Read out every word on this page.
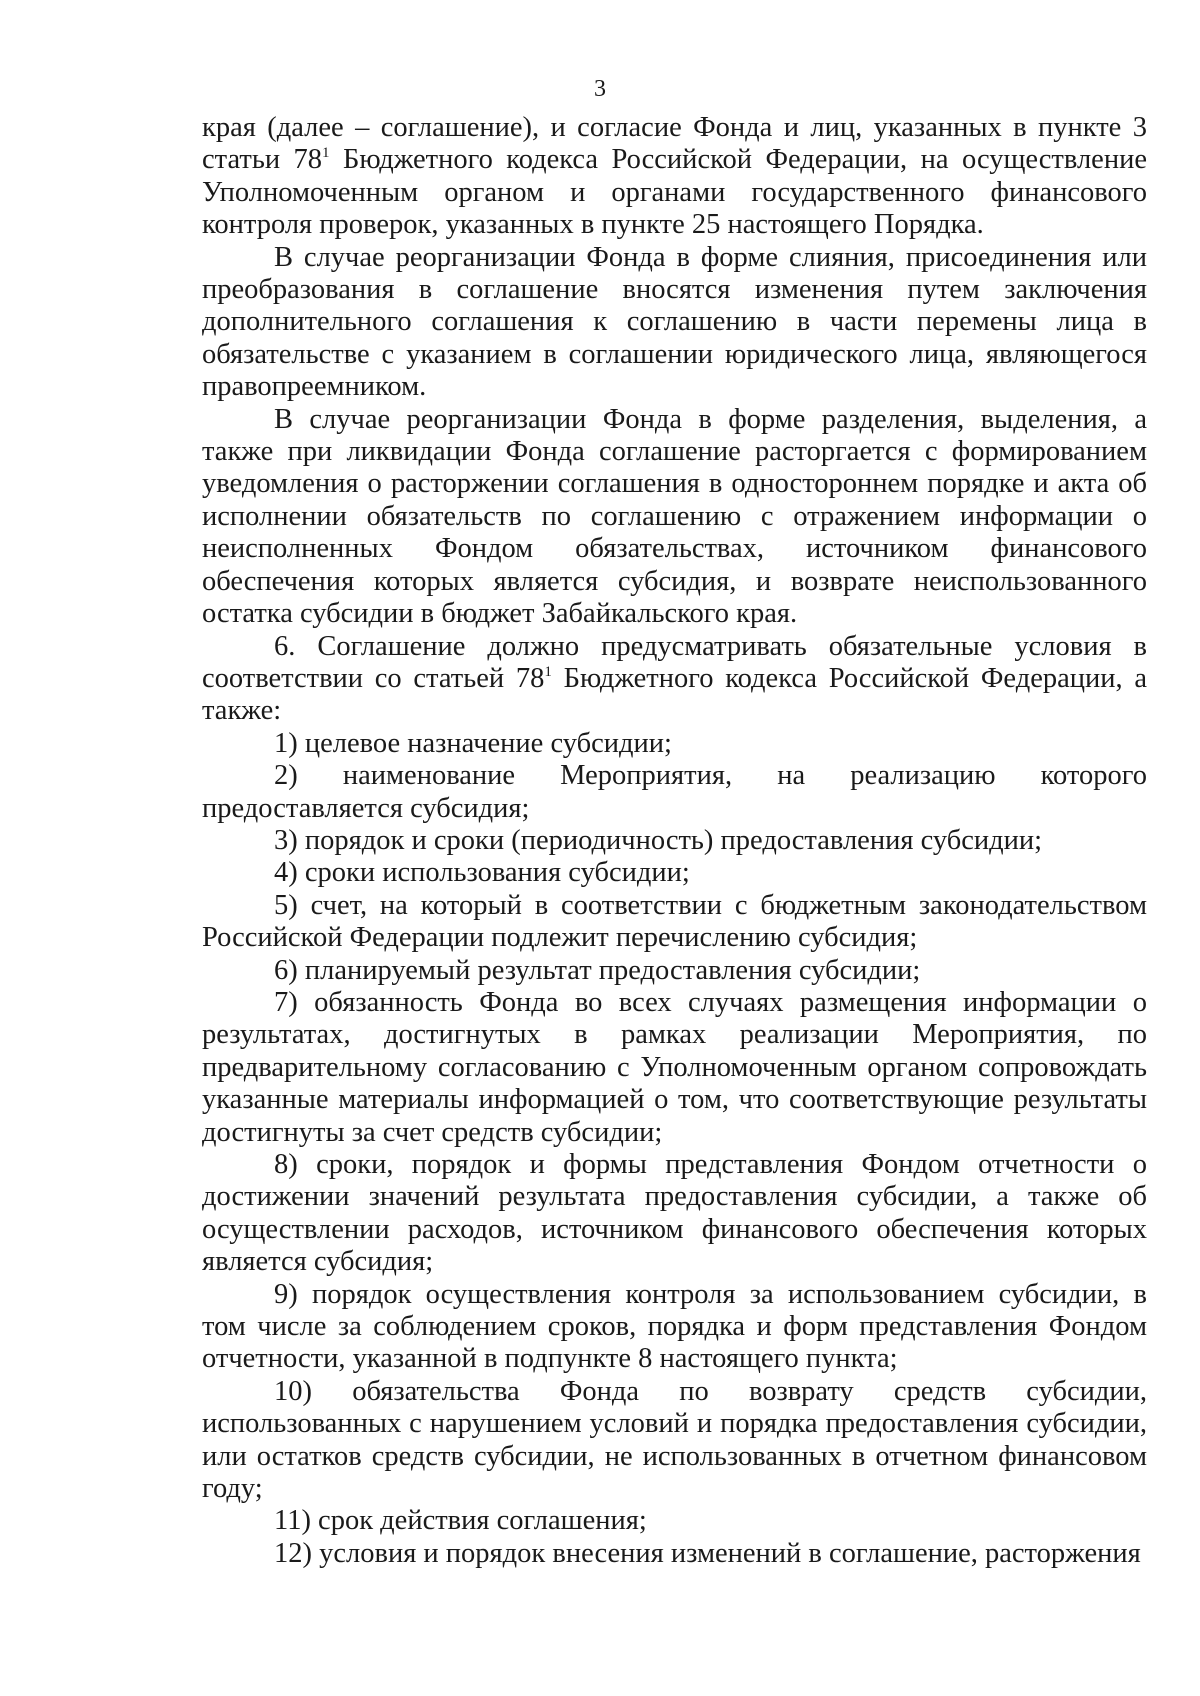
3

края (далее – соглашение), и согласие Фонда и лиц, указанных в пункте 3 статьи $78^1$ Бюджетного кодекса Российской Федерации, на осуществление Уполномоченным органом и органами государственного финансового контроля проверок, указанных в пункте 25 настоящего Порядка.

В случае реорганизации Фонда в форме слияния, присоединения или преобразования в соглашение вносятся изменения путем заключения дополнительного соглашения к соглашению в части перемены лица в обязательстве с указанием в соглашении юридического лица, являющегося правопреемником.

В случае реорганизации Фонда в форме разделения, выделения, а также при ликвидации Фонда соглашение расторгается с формированием уведомления о расторжении соглашения в одностороннем порядке и акта об исполнении обязательств по соглашению с отражением информации о неисполненных Фондом обязательствах, источником финансового обеспечения которых является субсидия, и возврате неиспользованного остатка субсидии в бюджет Забайкальского края.

6. Соглашение должно предусматривать обязательные условия в соответствии со статьей $78^1$ Бюджетного кодекса Российской Федерации, а также:

1) целевое назначение субсидии;

2) наименование Мероприятия, на реализацию которого предоставляется субсидия;

3) порядок и сроки (периодичность) предоставления субсидии;

4) сроки использования субсидии;

5) счет, на который в соответствии с бюджетным законодательством Российской Федерации подлежит перечислению субсидия;

6) планируемый результат предоставления субсидии;

7) обязанность Фонда во всех случаях размещения информации о результатах, достигнутых в рамках реализации Мероприятия, по предварительному согласованию с Уполномоченным органом сопровождать указанные материалы информацией о том, что соответствующие результаты достигнуты за счет средств субсидии;

8) сроки, порядок и формы представления Фондом отчетности о достижении значений результата предоставления субсидии, а также об осуществлении расходов, источником финансового обеспечения которых является субсидия;

9) порядок осуществления контроля за использованием субсидии, в том числе за соблюдением сроков, порядка и форм представления Фондом отчетности, указанной в подпункте 8 настоящего пункта;

10) обязательства Фонда по возврату средств субсидии, использованных с нарушением условий и порядка предоставления субсидии, или остатков средств субсидии, не использованных в отчетном финансовом году;

11) срок действия соглашения;

12) условия и порядок внесения изменений в соглашение, расторжения
